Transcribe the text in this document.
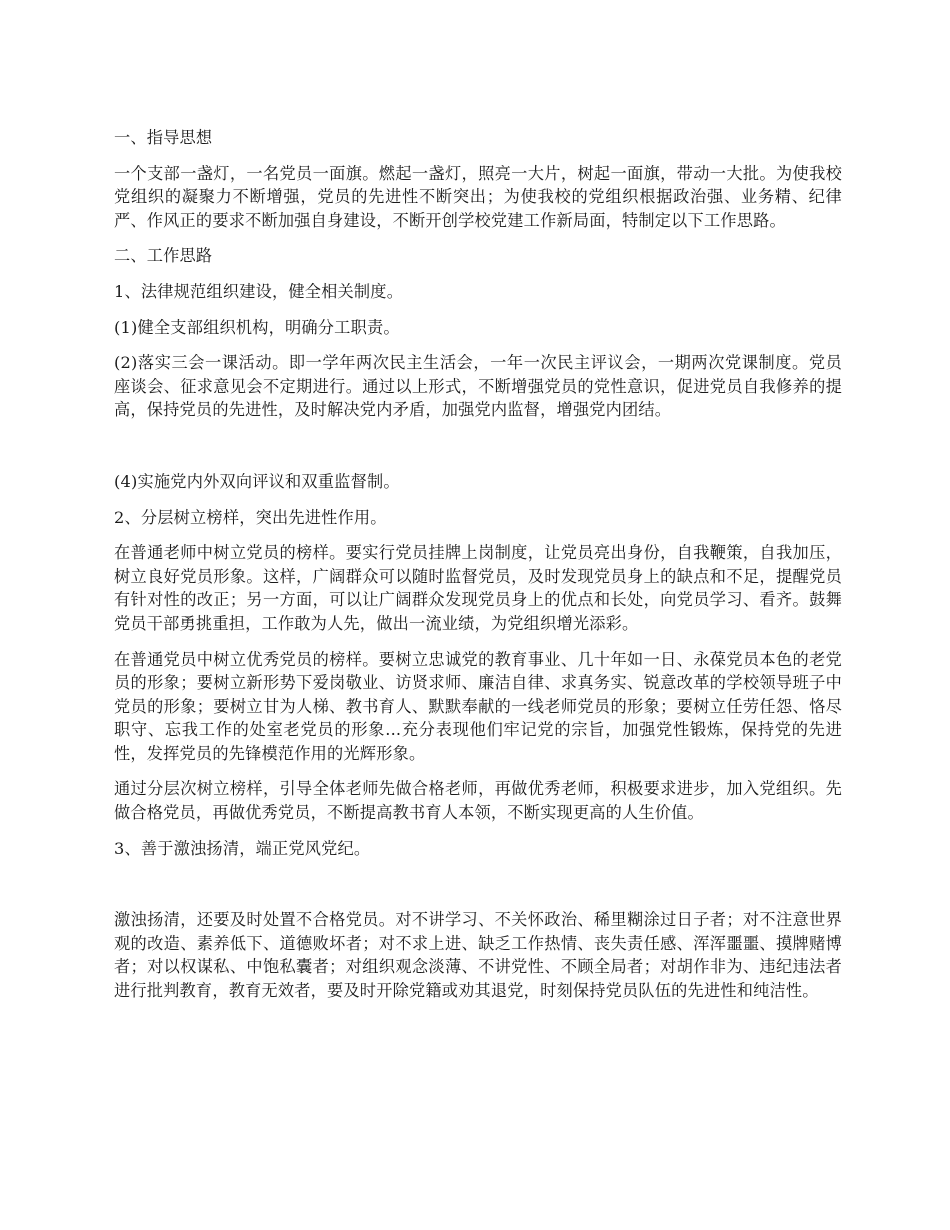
一、指导思想

一个支部一盏灯，一名党员一面旗。燃起一盏灯，照亮一大片，树起一面旗，带动一大批。为使我校党组织的凝聚力不断增强，党员的先进性不断突出；为使我校的党组织根据政治强、业务精、纪律严、作风正的要求不断加强自身建设，不断开创学校党建工作新局面，特制定以下工作思路。

二、工作思路

1、法律规范组织建设，健全相关制度。

(1)健全支部组织机构，明确分工职责。

(2)落实三会一课活动。即一学年两次民主生活会，一年一次民主评议会，一期两次党课制度。党员座谈会、征求意见会不定期进行。通过以上形式，不断增强党员的党性意识，促进党员自我修养的提高，保持党员的先进性，及时解决党内矛盾，加强党内监督，增强党内团结。

(4)实施党内外双向评议和双重监督制。

2、分层树立榜样，突出先进性作用。

在普通老师中树立党员的榜样。要实行党员挂牌上岗制度，让党员亮出身份，自我鞭策，自我加压，树立良好党员形象。这样，广阔群众可以随时监督党员，及时发现党员身上的缺点和不足，提醒党员有针对性的改正；另一方面，可以让广阔群众发现党员身上的优点和长处，向党员学习、看齐。鼓舞党员干部勇挑重担，工作敢为人先，做出一流业绩，为党组织增光添彩。

在普通党员中树立优秀党员的榜样。要树立忠诚党的教育事业、几十年如一日、永葆党员本色的老党员的形象；要树立新形势下爱岗敬业、访贤求师、廉洁自律、求真务实、锐意改革的学校领导班子中党员的形象；要树立甘为人梯、教书育人、默默奉献的一线老师党员的形象；要树立任劳任怨、恪尽职守、忘我工作的处室老党员的形象...充分表现他们牢记党的宗旨，加强党性锻炼，保持党的先进性，发挥党员的先锋模范作用的光辉形象。

通过分层次树立榜样，引导全体老师先做合格老师，再做优秀老师，积极要求进步，加入党组织。先做合格党员，再做优秀党员，不断提高教书育人本领，不断实现更高的人生价值。

3、善于激浊扬清，端正党风党纪。

激浊扬清，还要及时处置不合格党员。对不讲学习、不关怀政治、稀里糊涂过日子者；对不注意世界观的改造、素养低下、道德败坏者；对不求上进、缺乏工作热情、丧失责任感、浑浑噩噩、摸牌赌博者；对以权谋私、中饱私囊者；对组织观念淡薄、不讲党性、不顾全局者；对胡作非为、违纪违法者进行批判教育，教育无效者，要及时开除党籍或劝其退党，时刻保持党员队伍的先进性和纯洁性。
